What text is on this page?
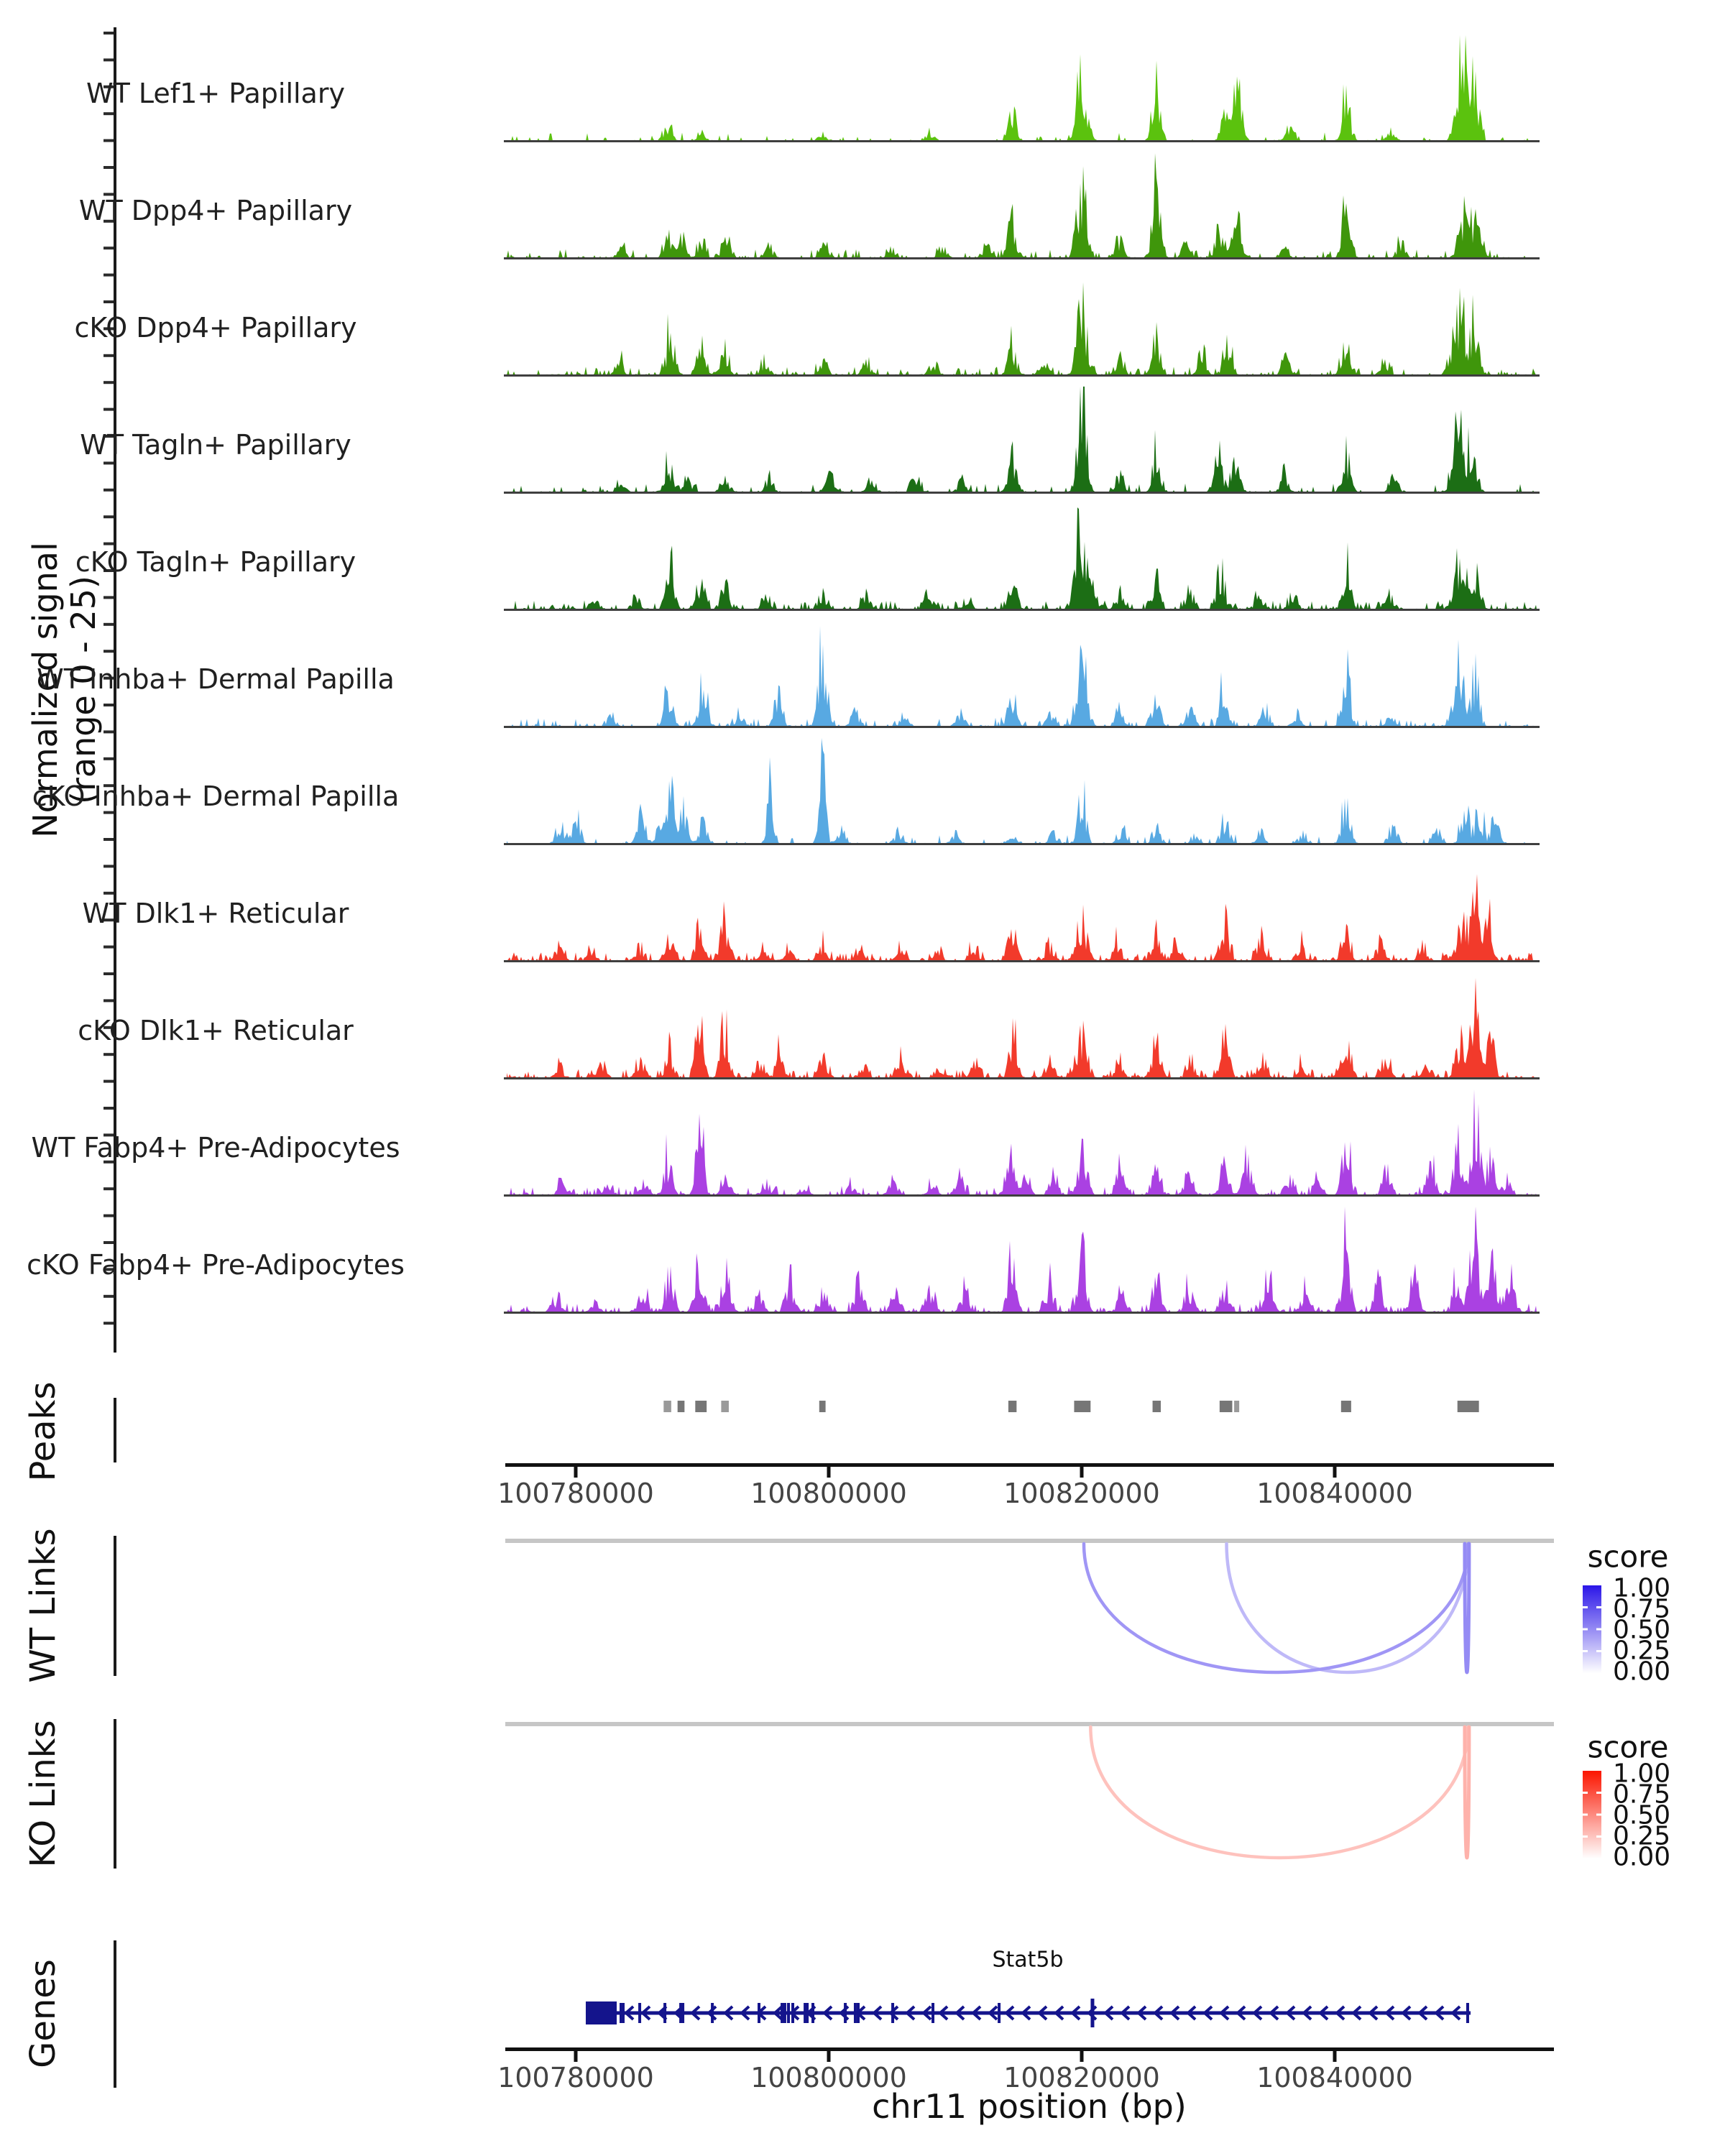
Normalized signal
(range 0 - 25)
Stat5b
chr11 position (bp)
WT Lef1+ Papillary
WT Dpp4+ Papillary
cKO Dpp4+ Papillary
WT Tagln+ Papillary
cKO Tagln+ Papillary
WT Inhba+ Dermal Papilla
cKO Inhba+ Dermal Papilla
WT Dlk1+ Reticular
cKO Dlk1+ Reticular
WT Fabp4+ Pre-Adipocytes
cKO Fabp4+ Pre-Adipocytes
Peaks
WT Links
KO Links
Genes
100780000	100800000	100820000	100840000
100780000	100800000	100820000	100840000
score
1.00
0.75
0.50
0.25
0.00
score
1.00
0.75
0.50
0.25
0.00
